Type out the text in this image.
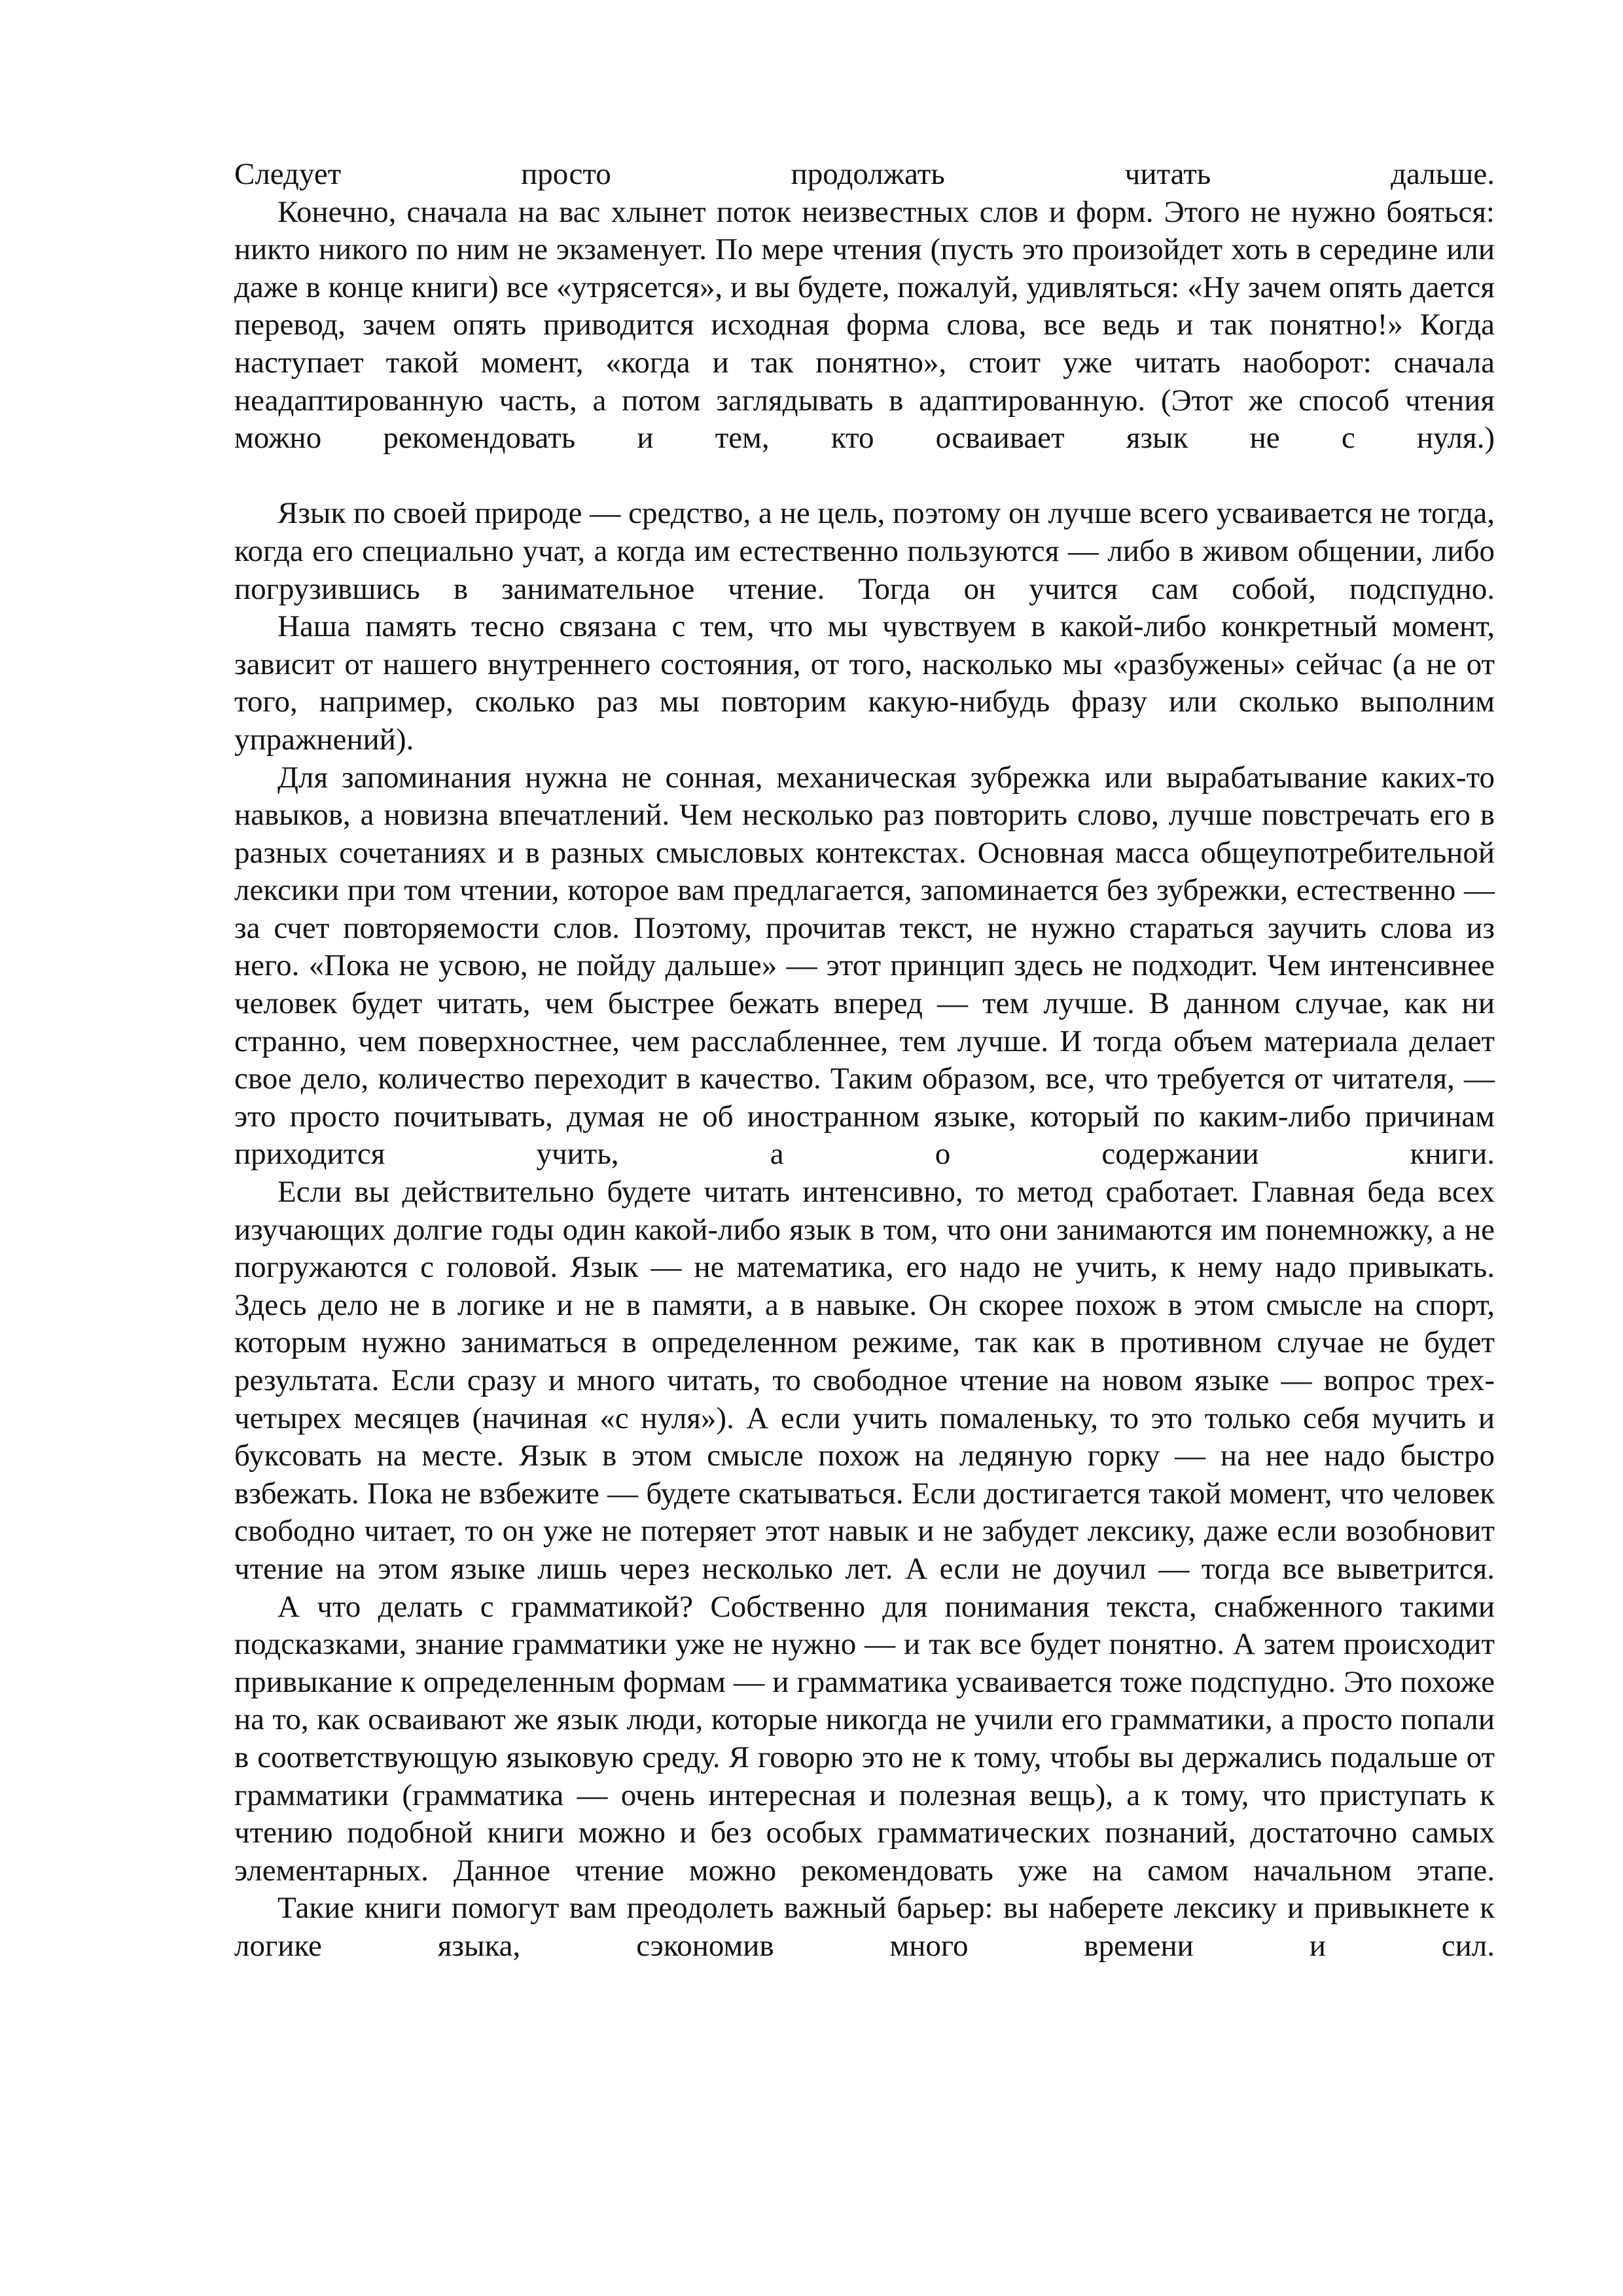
Следует просто продолжать читать дальше.

Конечно, сначала на вас хлынет поток неизвестных слов и форм. Этого не нужно бояться: никто никого по ним не экзаменует. По мере чтения (пусть это произойдет хоть в середине или даже в конце книги) все «утрясется», и вы будете, пожалуй, удивляться: «Ну зачем опять дается перевод, зачем опять приводится исходная форма слова, все ведь и так понятно!» Когда наступает такой момент, «когда и так понятно», стоит уже читать наоборот: сначала неадаптированную часть, а потом заглядывать в адаптированную. (Этот же способ чтения можно рекомендовать и тем, кто осваивает язык не с нуля.)

Язык по своей природе — средство, а не цель, поэтому он лучше всего усваивается не тогда, когда его специально учат, а когда им естественно пользуются — либо в живом общении, либо погрузившись в занимательное чтение. Тогда он учится сам собой, подспудно.

Наша память тесно связана с тем, что мы чувствуем в какой-либо конкретный момент, зависит от нашего внутреннего состояния, от того, насколько мы «разбужены» сейчас (а не от того, например, сколько раз мы повторим какую-нибудь фразу или сколько выполним упражнений).

Для запоминания нужна не сонная, механическая зубрежка или вырабатывание каких-то навыков, а новизна впечатлений. Чем несколько раз повторить слово, лучше повстречать его в разных сочетаниях и в разных смысловых контекстах. Основная масса общеупотребительной лексики при том чтении, которое вам предлагается, запоминается без зубрежки, естественно — за счет повторяемости слов. Поэтому, прочитав текст, не нужно стараться заучить слова из него. «Пока не усвою, не пойду дальше» — этот принцип здесь не подходит. Чем интенсивнее человек будет читать, чем быстрее бежать вперед — тем лучше. В данном случае, как ни странно, чем поверхностнее, чем расслабленнее, тем лучше. И тогда объем материала делает свое дело, количество переходит в качество. Таким образом, все, что требуется от читателя, — это просто почитывать, думая не об иностранном языке, который по каким-либо причинам приходится учить, а о содержании книги.

Если вы действительно будете читать интенсивно, то метод сработает. Главная беда всех изучающих долгие годы один какой-либо язык в том, что они занимаются им понемножку, а не погружаются с головой. Язык — не математика, его надо не учить, к нему надо привыкать. Здесь дело не в логике и не в памяти, а в навыке. Он скорее похож в этом смысле на спорт, которым нужно заниматься в определенном режиме, так как в противном случае не будет результата. Если сразу и много читать, то свободное чтение на новом языке — вопрос трех-четырех месяцев (начиная «с нуля»). А если учить помаленьку, то это только себя мучить и буксовать на месте. Язык в этом смысле похож на ледяную горку — на нее надо быстро взбежать. Пока не взбежите — будете скатываться. Если достигается такой момент, что человек свободно читает, то он уже не потеряет этот навык и не забудет лексику, даже если возобновит чтение на этом языке лишь через несколько лет. А если не доучил — тогда все выветрится.

А что делать с грамматикой? Собственно для понимания текста, снабженного такими подсказками, знание грамматики уже не нужно — и так все будет понятно. А затем происходит привыкание к определенным формам — и грамматика усваивается тоже подспудно. Это похоже на то, как осваивают же язык люди, которые никогда не учили его грамматики, а просто попали в соответствующую языковую среду. Я говорю это не к тому, чтобы вы держались подальше от грамматики (грамматика — очень интересная и полезная вещь), а к тому, что приступать к чтению подобной книги можно и без особых грамматических познаний, достаточно самых элементарных. Данное чтение можно рекомендовать уже на самом начальном этапе.

Такие книги помогут вам преодолеть важный барьер: вы наберете лексику и привыкнете к логике языка, сэкономив много времени и сил.
